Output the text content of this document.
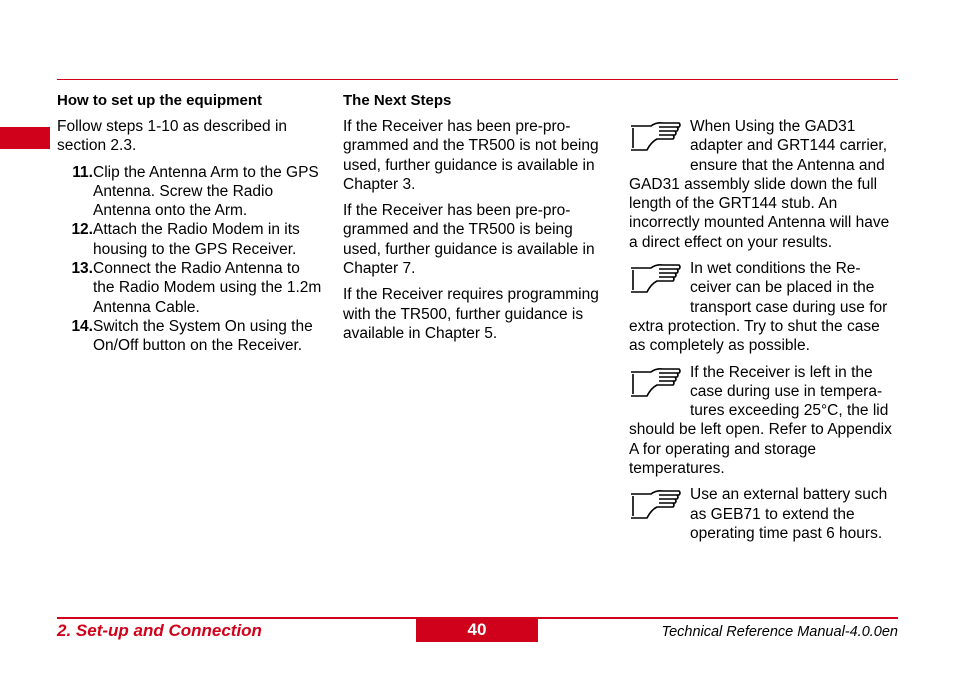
How to set up the equipment

Follow steps 1-10 as described in section 2.3.

11. Clip the Antenna Arm to the GPS Antenna. Screw the Radio Antenna onto the Arm.
12. Attach the Radio Modem in its housing to the GPS Receiver.
13. Connect the Radio Antenna to the Radio Modem using the 1.2m Antenna Cable.
14. Switch the System On using the On/Off button on the Receiver.
The Next Steps

If the Receiver has been pre-pro-grammed and the TR500 is not being used, further guidance is available in Chapter 3.

If the Receiver has been pre-pro-grammed and the TR500 is being used, further guidance is available in Chapter 7.

If the Receiver requires programming with the TR500, further guidance is available in Chapter 5.

When Using the GAD31 adapter and GRT144 carrier, ensure that the Antenna and GAD31 assembly slide down the full length of the GRT144 stub. An incorrectly mounted Antenna will have a direct effect on your results.
In wet conditions the Re-ceiver can be placed in the transport case during use for extra protection. Try to shut the case as completely as possible.
If the Receiver is left in the case during use in tempera-tures exceeding 25°C, the lid should be left open. Refer to Appendix A for operating and storage temperatures.
Use an external battery such as GEB71 to extend the operating time past 6 hours.
2. Set-up and Connection	40	Technical Reference Manual-4.0.0en
